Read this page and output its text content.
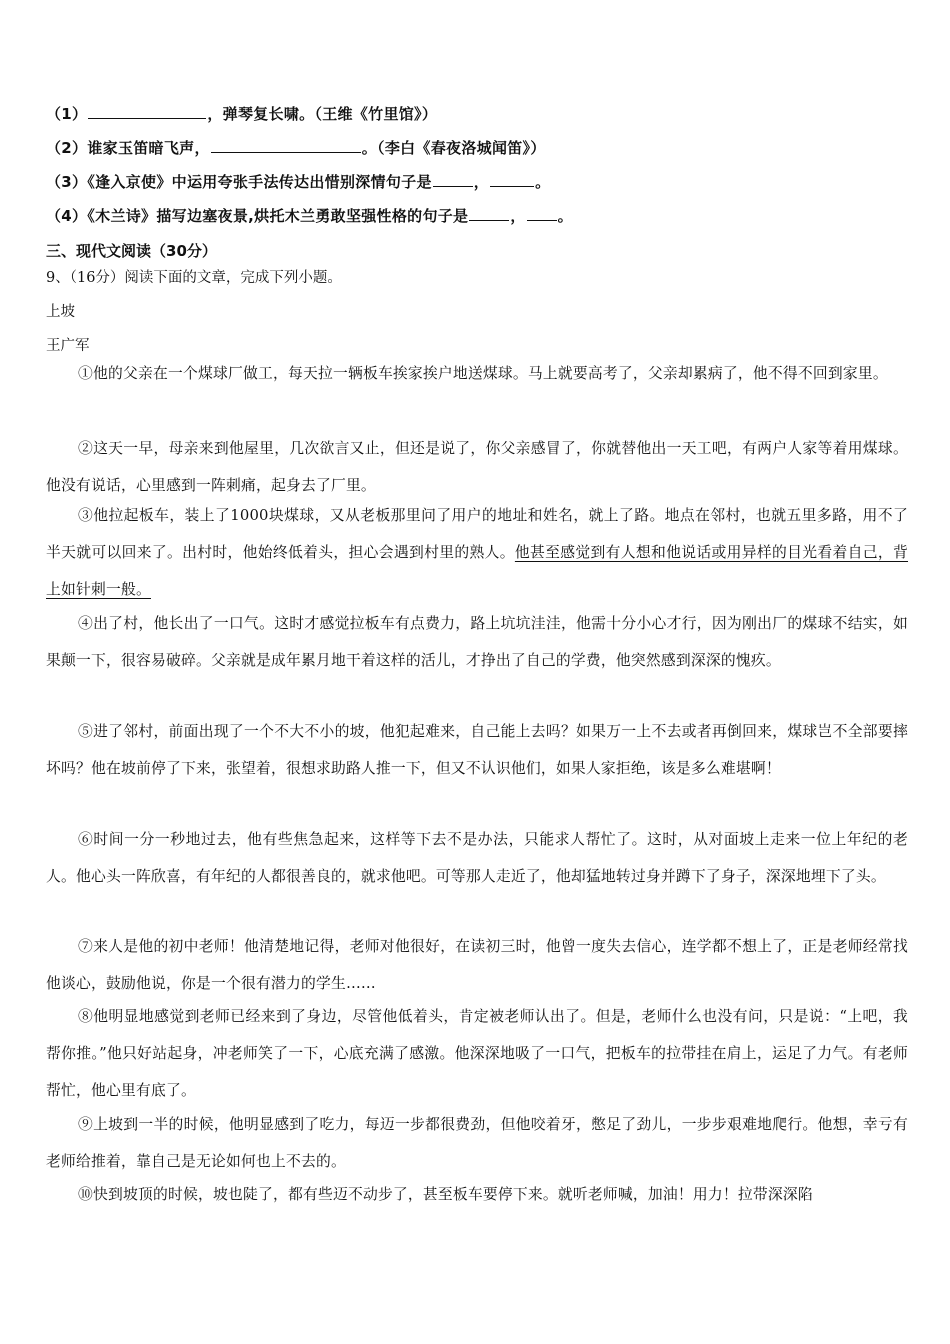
（1）	，弹琴复长啸。（王维《竹里馆》）
（2）谁家玉笛暗飞声，	。（李白《春夜洛城闻笛》）
（3）《逢入京使》中运用夸张手法传达出惜别深情句子是	，	。
（4）《木兰诗》描写边塞夜景,烘托木兰勇敢坚强性格的句子是	， 。
三、现代文阅读（30分）
9、（16分）阅读下面的文章，完成下列小题。
上坡
王广军
①他的父亲在一个煤球厂做工，每天拉一辆板车挨家挨户地送煤球。马上就要高考了，父亲却累病了，他不得不回到家里。
②这天一早，母亲来到他屋里，几次欲言又止，但还是说了，你父亲感冒了，你就替他出一天工吧，有两户人家等着用煤球。他没有说话，心里感到一阵刺痛，起身去了厂里。
③他拉起板车，装上了1000块煤球，又从老板那里问了用户的地址和姓名，就上了路。地点在邻村，也就五里多路，用不了半天就可以回来了。出村时，他始终低着头，担心会遇到村里的熟人。他甚至感觉到有人想和他说话或用异样的目光看着自己，背上如针刺一般。
④出了村，他长出了一口气。这时才感觉拉板车有点费力，路上坑坑洼洼，他需十分小心才行，因为刚出厂的煤球不结实，如果颠一下，很容易破碎。父亲就是成年累月地干着这样的活儿，才挣出了自己的学费，他突然感到深深的愧疚。
⑤进了邻村，前面出现了一个不大不小的坡，他犯起难来，自己能上去吗？如果万一上不去或者再倒回来，煤球岂不全部要摔坏吗？他在坡前停了下来，张望着，很想求助路人推一下，但又不认识他们，如果人家拒绝，该是多么难堪啊！
⑥时间一分一秒地过去，他有些焦急起来，这样等下去不是办法，只能求人帮忙了。这时，从对面坡上走来一位上年纪的老人。他心头一阵欣喜，有年纪的人都很善良的，就求他吧。可等那人走近了，他却猛地转过身并蹲下了身子，深深地埋下了头。
⑦来人是他的初中老师！他清楚地记得，老师对他很好，在读初三时，他曾一度失去信心，连学都不想上了，正是老师经常找他谈心，鼓励他说，你是一个很有潜力的学生……
⑧他明显地感觉到老师已经来到了身边，尽管他低着头，肯定被老师认出了。但是，老师什么也没有问，只是说：“上吧，我帮你推。”他只好站起身，冲老师笑了一下，心底充满了感激。他深深地吸了一口气，把板车的拉带挂在肩上，运足了力气。有老师帮忙，他心里有底了。
⑨上坡到一半的时候，他明显感到了吃力，每迈一步都很费劲，但他咬着牙，憋足了劲儿，一步步艰难地爬行。他想，幸亏有老师给推着，靠自己是无论如何也上不去的。
⑩快到坡顶的时候，坡也陡了，都有些迈不动步了，甚至板车要停下来。就听老师喊，加油！用力！拉带深深陷
